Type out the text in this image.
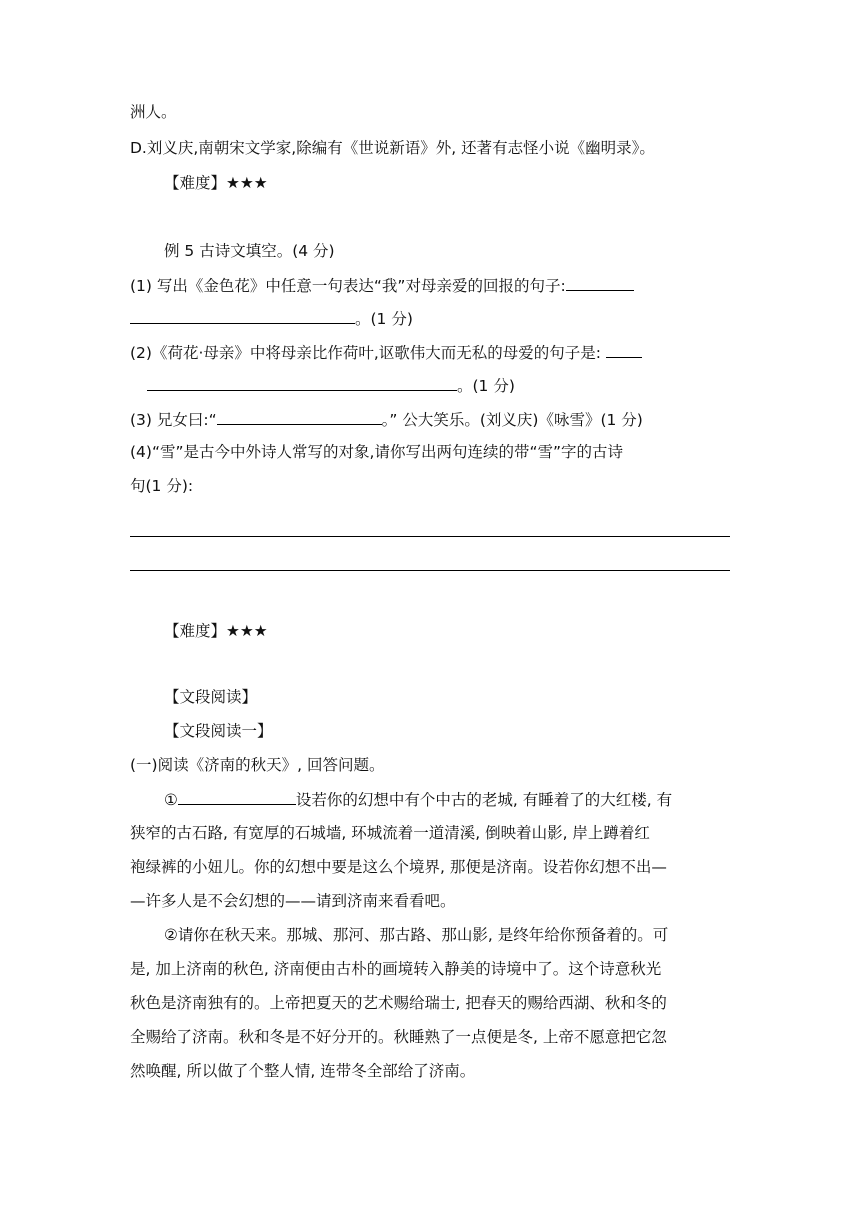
洲人。
D.刘义庆,南朝宋文学家,除编有《世说新语》外, 还著有志怪小说《幽明录》。
【难度】★★★
例 5 古诗文填空。(4 分)
(1) 写出《金色花》中任意一句表达“我”对母亲爱的回报的句子:
。(1 分)
(2)《荷花·母亲》中将母亲比作荷叶,讴歌伟大而无私的母爱的句子是:
。(1 分)
(3) 兄女曰:“	。” 公大笑乐。(刘义庆)《咏雪》(1 分)
(4)“雪”是古今中外诗人常写的对象,请你写出两句连续的带“雪”字的古诗
句(1 分):
【难度】★★★
【文段阅读】
【文段阅读一】
(一)阅读《济南的秋天》, 回答问题。
①	设若你的幻想中有个中古的老城, 有睡着了的大红楼, 有
狭窄的古石路, 有宽厚的石城墙, 环城流着一道清溪, 倒映着山影, 岸上蹲着红
袍绿裤的小妞儿。你的幻想中要是这么个境界, 那便是济南。设若你幻想不出—
—许多人是不会幻想的——请到济南来看看吧。
②请你在秋天来。那城、那河、那古路、那山影, 是终年给你预备着的。可
是, 加上济南的秋色, 济南便由古朴的画境转入静美的诗境中了。这个诗意秋光
秋色是济南独有的。上帝把夏天的艺术赐给瑞士, 把春天的赐给西湖、秋和冬的
全赐给了济南。秋和冬是不好分开的。秋睡熟了一点便是冬, 上帝不愿意把它忽
然唤醒, 所以做了个整人情, 连带冬全部给了济南。
